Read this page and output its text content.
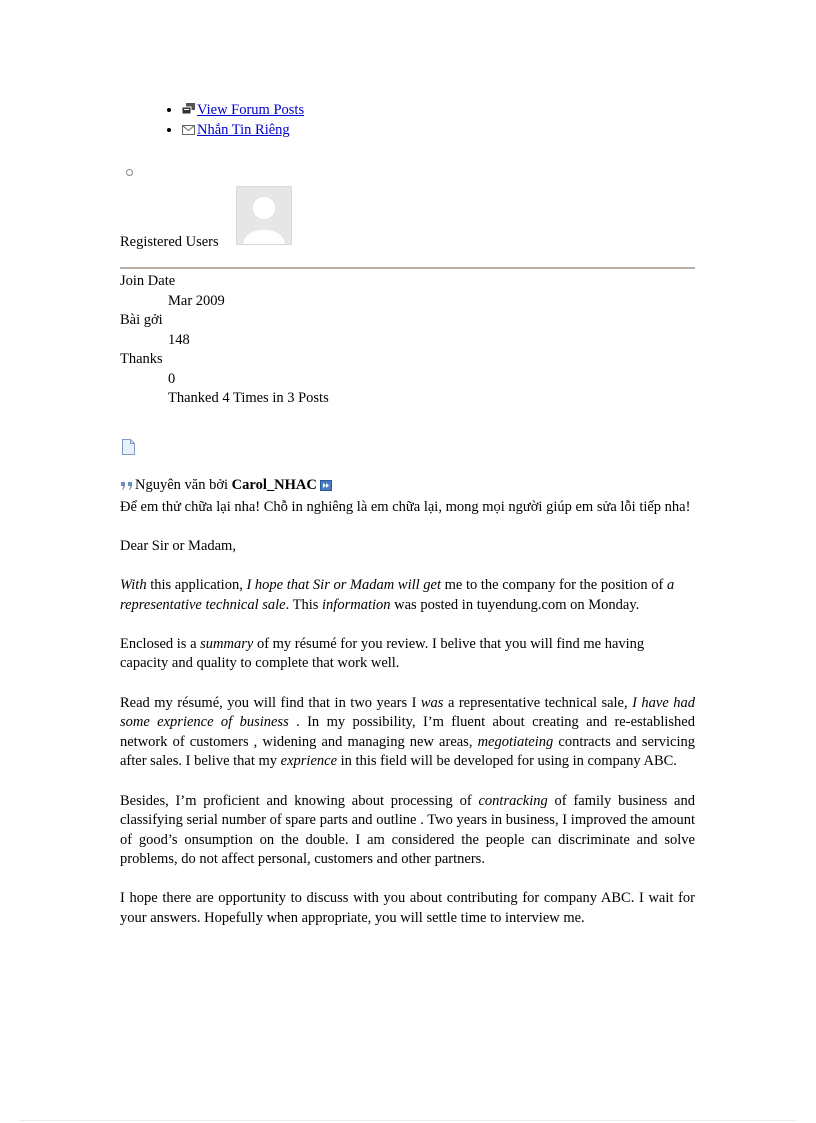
• View Forum Posts
• Nhắn Tin Riêng
Registered Users
Join Date
Mar 2009
Bài gởi
148
Thanks
0
Thanked 4 Times in 3 Posts
Nguyên văn bởi Carol_NHAC

Để em thử chữa lại nha! Chỗ in nghiêng là em chữa lại, mong mọi người giúp em sửa lỗi tiếp nha!

Dear Sir or Madam,

With this application, I hope that Sir or Madam will get me to the company for the position of a representative technical sale. This information was posted in tuyendung.com on Monday.

Enclosed is a summary of my résumé for you review. I belive that you will find me having capacity and quality to complete that work well.

Read my résumé, you will find that in two years I was a representative technical sale, I have had some exprience of business . In my possibility, I’m fluent about creating and re-established network of customers , widening and managing new areas, megotiateing contracts and servicing after sales. I belive that my exprience in this field will be developed for using in company ABC.

Besides, I’m proficient and knowing about processing of contracking of family business and classifying serial number of spare parts and outline . Two years in business, I improved the amount of good’s onsumption on the double. I am considered the people can discriminate and solve problems, do not affect personal, customers and other partners.

I hope there are opportunity to discuss with you about contributing for company ABC. I wait for your answers. Hopefully when appropriate, you will settle time to interview me.
